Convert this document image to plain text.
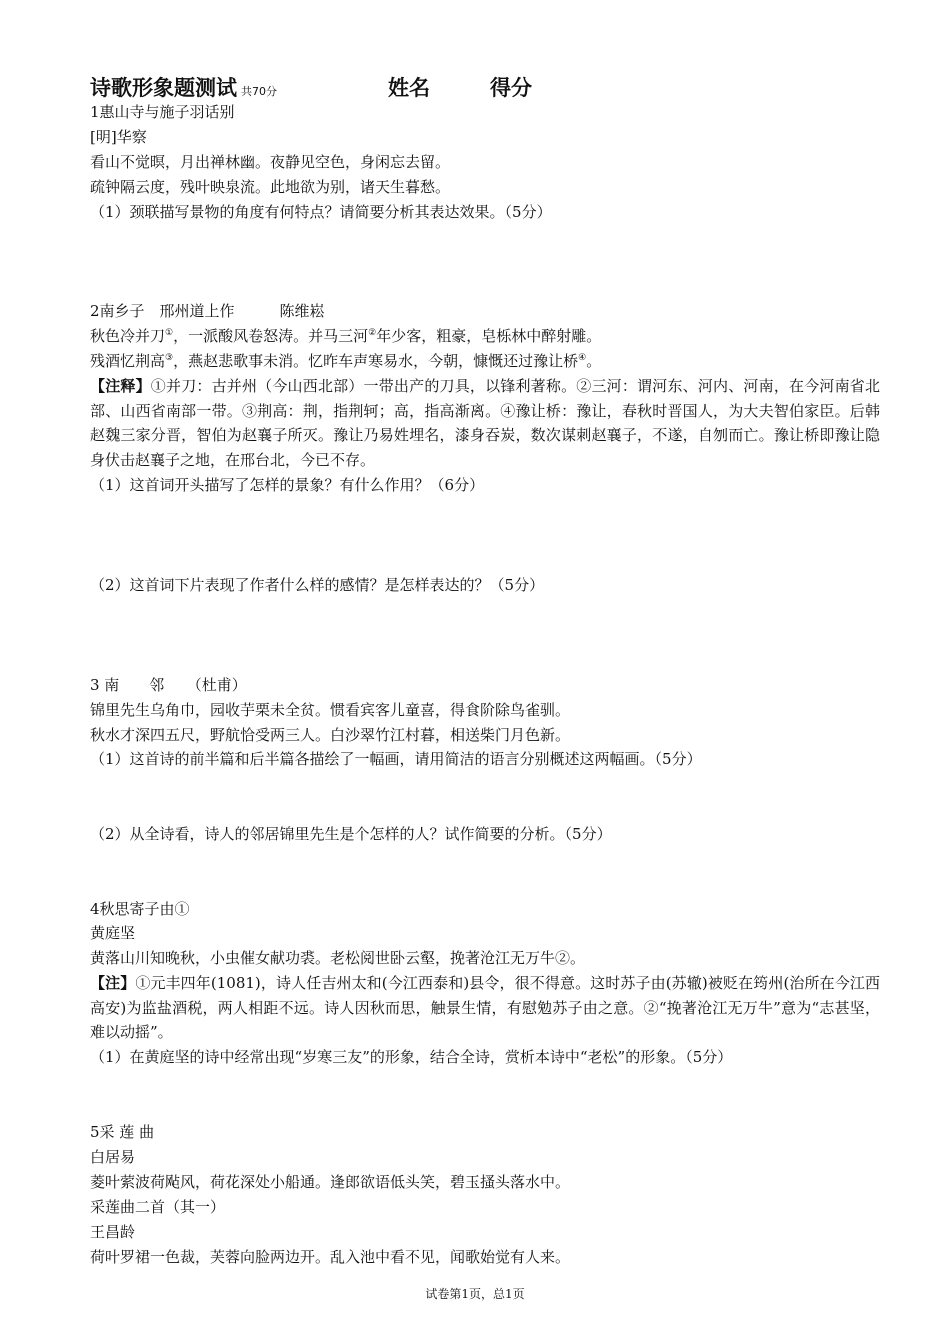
诗歌形象题测试 共70分	姓名	得分
1惠山寺与施子羽话别
[明]华察
看山不觉暝，月出禅林幽。夜静见空色，身闲忘去留。
疏钟隔云度，残叶映泉流。此地欲为别，诸天生暮愁。
（1）颈联描写景物的角度有何特点？请简要分析其表达效果。（5分）
2南乡子　邢州道上作　　　陈维崧
秋色冷并刀①，一派酸风卷怒涛。并马三河②年少客，粗豪，皂栎林中醉射雕。
残酒忆荆高③，燕赵悲歌事未消。忆昨车声寒易水，今朝，慷慨还过豫让桥④。
【注释】①并刀：古并州（今山西北部）一带出产的刀具，以锋利著称。②三河：谓河东、河内、河南，在今河南省北部、山西省南部一带。③荆高：荆，指荆轲；高，指高渐离。④豫让桥：豫让，春秋时晋国人，为大夫智伯家臣。后韩赵魏三家分晋，智伯为赵襄子所灭。豫让乃易姓埋名，漆身吞炭，数次谋刺赵襄子，不遂，自刎而亡。豫让桥即豫让隐身伏击赵襄子之地，在邢台北，今已不存。
（1）这首词开头描写了怎样的景象？有什么作用？（6分）
（2）这首词下片表现了作者什么样的感情？是怎样表达的？（5分）
3 南　　邻　　（杜甫）
锦里先生乌角巾，园收芋栗未全贫。惯看宾客儿童喜，得食阶除鸟雀驯。
秋水才深四五尺，野航恰受两三人。白沙翠竹江村暮，相送柴门月色新。
（1）这首诗的前半篇和后半篇各描绘了一幅画，请用简洁的语言分别概述这两幅画。（5分）
（2）从全诗看，诗人的邻居锦里先生是个怎样的人？试作简要的分析。（5分）
4秋思寄子由①
黄庭坚
黄落山川知晚秋，小虫催女献功裘。老松阅世卧云壑，挽著沧江无万牛②。
【注】①元丰四年(1081)，诗人任吉州太和(今江西泰和)县令，很不得意。这时苏子由(苏辙)被贬在筠州(治所在今江西高安)为监盐酒税，两人相距不远。诗人因秋而思，触景生情，有慰勉苏子由之意。②“挽著沧江无万牛”意为“志甚坚，难以动摇”。
（1）在黄庭坚的诗中经常出现“岁寒三友”的形象，结合全诗，赏析本诗中“老松”的形象。（5分）
5采 莲 曲
白居易
菱叶萦波荷飐风，荷花深处小船通。逢郎欲语低头笑，碧玉搔头落水中。
采莲曲二首（其一）
王昌龄
荷叶罗裙一色裁，芙蓉向脸两边开。乱入池中看不见，闻歌始觉有人来。
试卷第1页，总1页
